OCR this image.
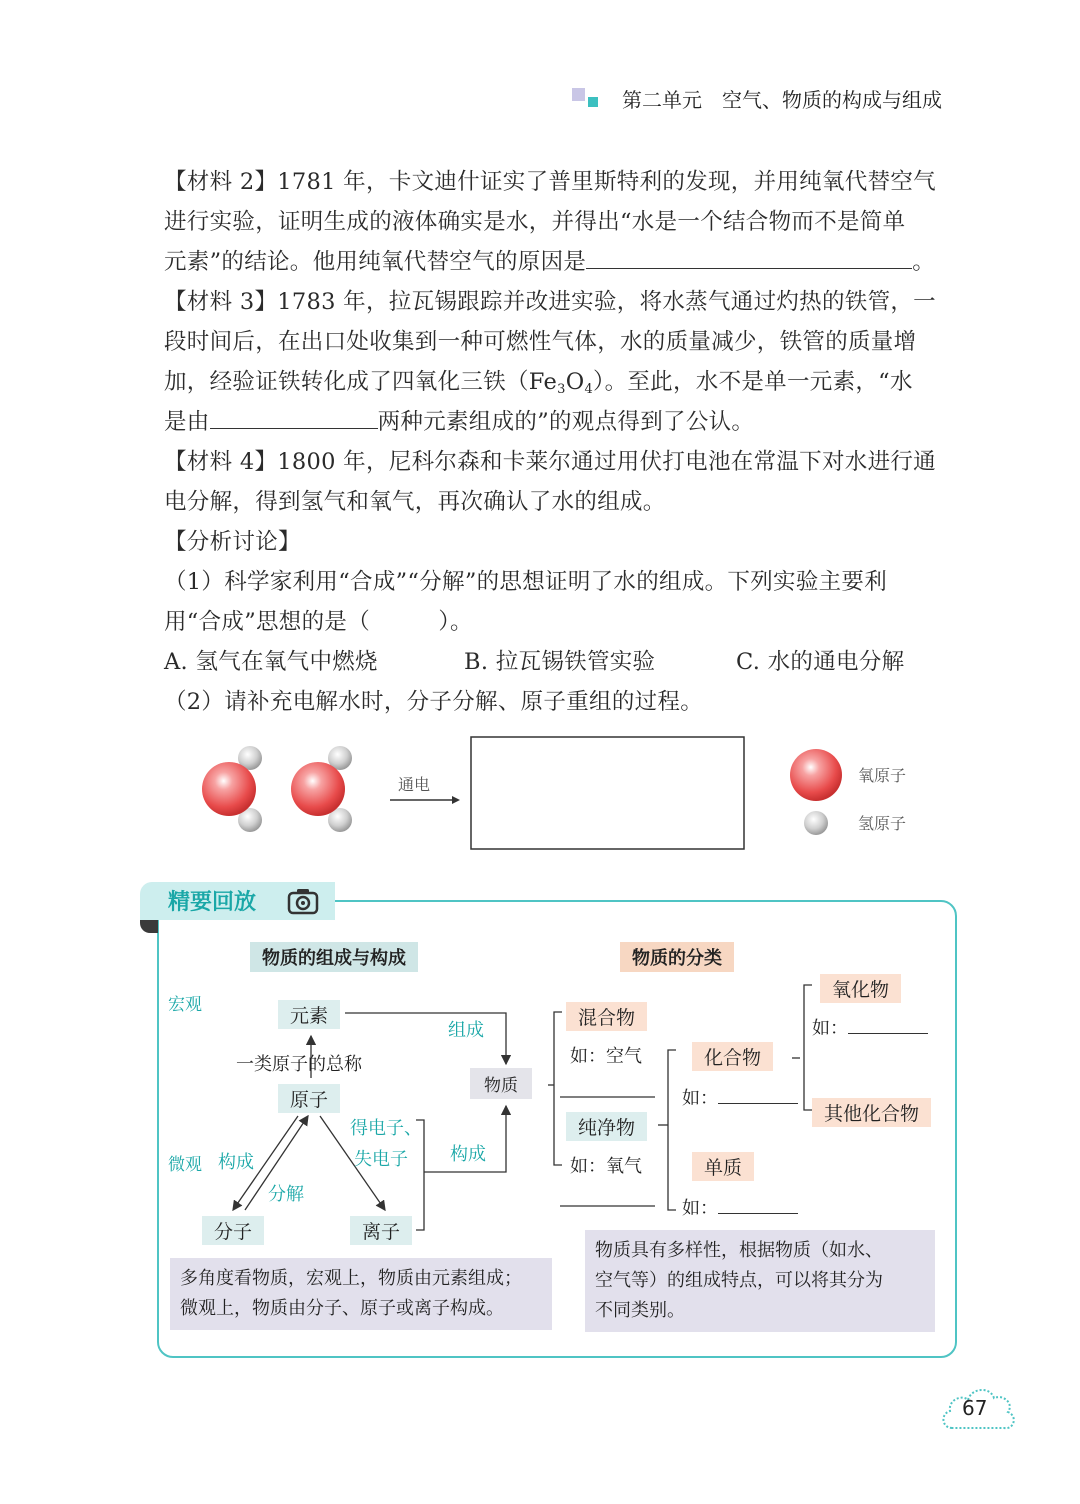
第二单元　空气、物质的构成与组成
【材料 2】1781 年，卡文迪什证实了普里斯特利的发现，并用纯氧代替空气
进行实验，证明生成的液体确实是水，并得出“水是一个结合物而不是简单
元素”的结论。他用纯氧代替空气的原因是	。
【材料 3】1783 年，拉瓦锡跟踪并改进实验，将水蒸气通过灼热的铁管，一
段时间后，在出口处收集到一种可燃性气体，水的质量减少，铁管的质量增
加，经验证铁转化成了四氧化三铁$(Fe_3O_4)$。至此，水不是单一元素，“水
是由	两种元素组成的”的观点得到了公认。
【材料 4】1800 年，尼科尔森和卡莱尔通过用伏打电池在常温下对水进行通
电分解，得到氢气和氧气，再次确认了水的组成。
【分析讨论】
（1）科学家利用“合成”“分解”的思想证明了水的组成。下列实验主要利
用“合成”思想的是（　　　）。
A. 氢气在氧气中燃烧	B. 拉瓦锡铁管实验	C. 水的通电分解
（2）请补充电解水时，分子分解、原子重组的过程。
通电	氧原子
氢原子
精要回放
物质的组成与构成	物质的分类
宏观
微观
元素
一类原子的总称
原子
分子	离子
物质
组成
构成
分解
得电子、
失电子 构成
混合物
如：空气
纯净物
如：氧气
化合物
如：
单质
如：
氧化物
如：
其他化合物
多角度看物质，宏观上，物质由元素组成；
微观上，物质由分子、原子或离子构成。
物质具有多样性，根据物质（如水、
空气等）的组成特点，可以将其分为
不同类别。
67
